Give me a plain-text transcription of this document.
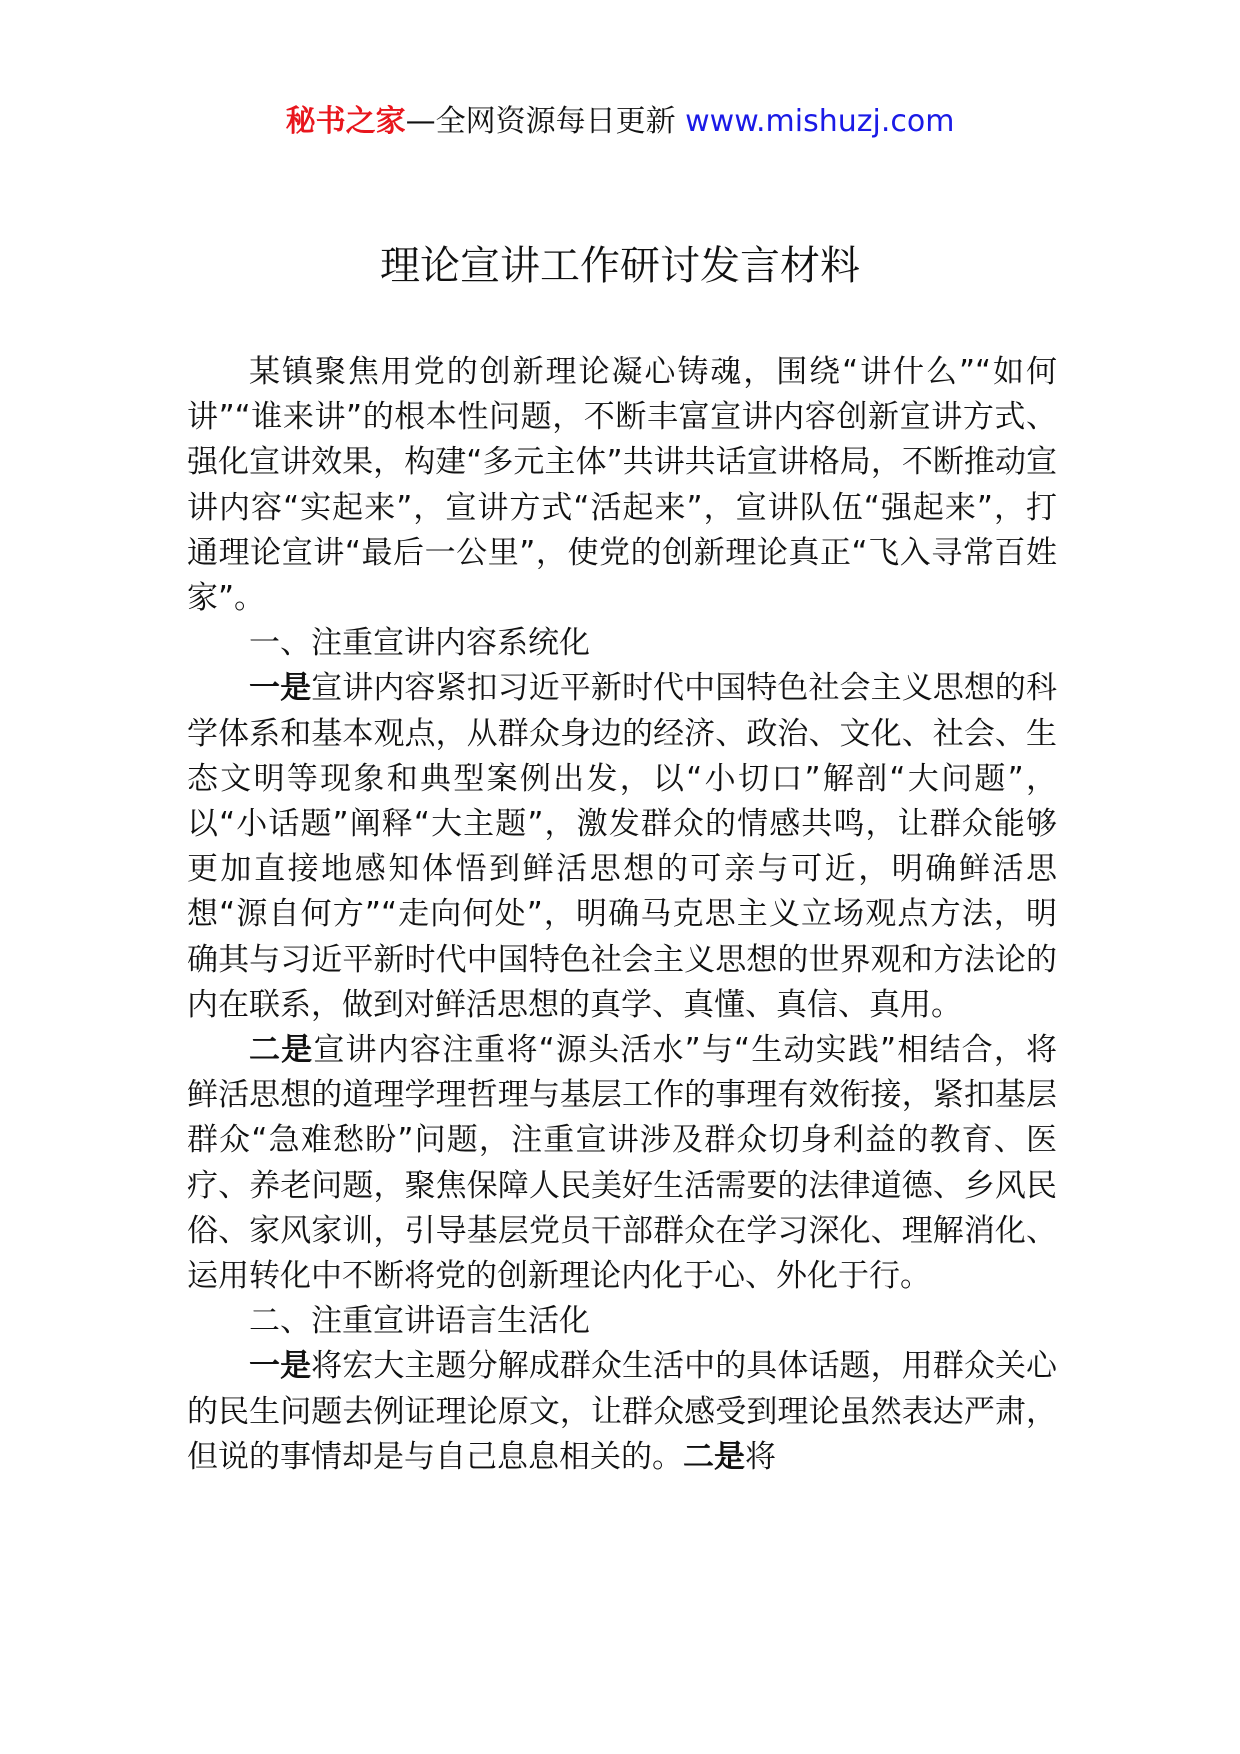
秘书之家—全网资源每日更新 www.mishuzj.com
理论宣讲工作研讨发言材料

某镇聚焦用党的创新理论凝心铸魂，围绕“讲什么”“如何讲”“谁来讲”的根本性问题，不断丰富宣讲内容创新宣讲方式、强化宣讲效果，构建“多元主体”共讲共话宣讲格局，不断推动宣讲内容“实起来”，宣讲方式“活起来”，宣讲队伍“强起来”，打通理论宣讲“最后一公里”，使党的创新理论真正“飞入寻常百姓家”。

一、注重宣讲内容系统化

一是宣讲内容紧扣习近平新时代中国特色社会主义思想的科学体系和基本观点，从群众身边的经济、政治、文化、社会、生态文明等现象和典型案例出发，以“小切口”解剖“大问题”，以“小话题”阐释“大主题”，激发群众的情感共鸣，让群众能够更加直接地感知体悟到鲜活思想的可亲与可近，明确鲜活思想“源自何方”“走向何处”，明确马克思主义立场观点方法，明确其与习近平新时代中国特色社会主义思想的世界观和方法论的内在联系，做到对鲜活思想的真学、真懂、真信、真用。

二是宣讲内容注重将“源头活水”与“生动实践”相结合，将鲜活思想的道理学理哲理与基层工作的事理有效衔接，紧扣基层群众“急难愁盼”问题，注重宣讲涉及群众切身利益的教育、医疗、养老问题，聚焦保障人民美好生活需要的法律道德、乡风民俗、家风家训，引导基层党员干部群众在学习深化、理解消化、运用转化中不断将党的创新理论内化于心、外化于行。

二、注重宣讲语言生活化

一是将宏大主题分解成群众生活中的具体话题，用群众关心的民生问题去例证理论原文，让群众感受到理论虽然表达严肃，但说的事情却是与自己息息相关的。二是将
